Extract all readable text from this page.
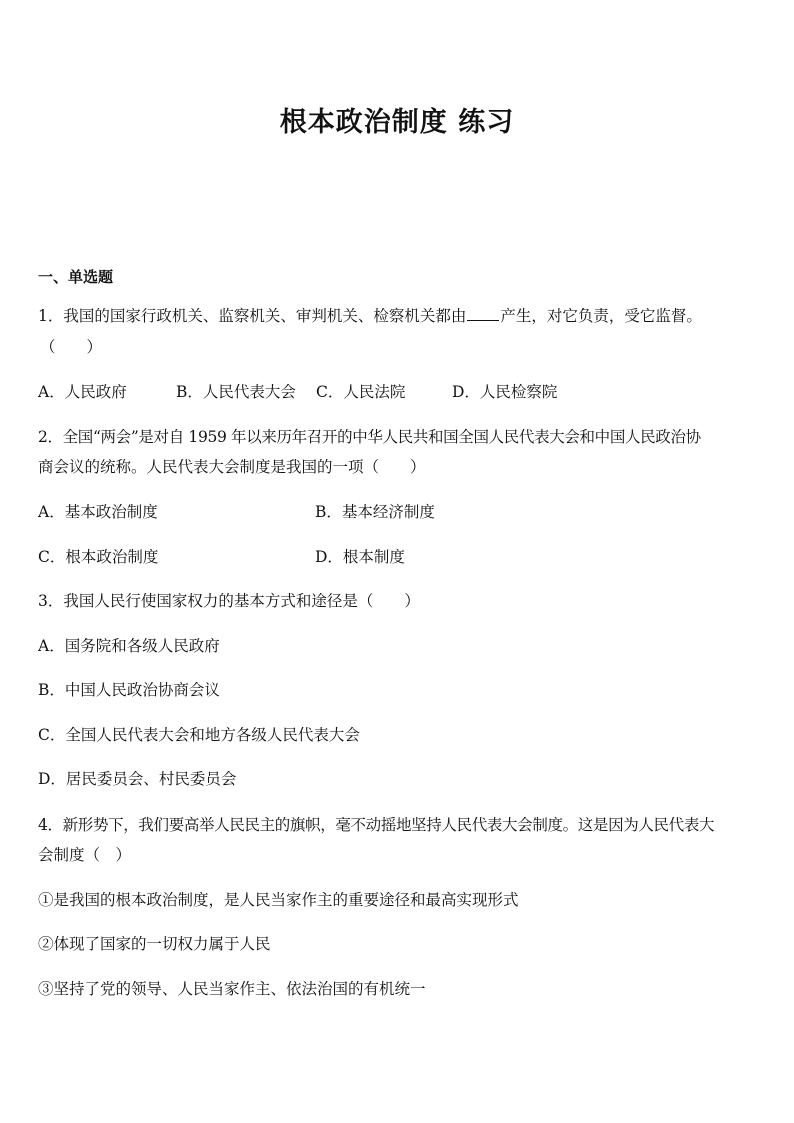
根本政治制度 练习
一、单选题
1．我国的国家行政机关、监察机关、审判机关、检察机关都由 产生，对它负责，受它监督。
（　　）
A．人民政府	B．人民代表大会 C．人民法院	D．人民检察院
2．全国“两会”是对自 1959 年以来历年召开的中华人民共和国全国人民代表大会和中国人民政治协
商会议的统称。人民代表大会制度是我国的一项（　　）
A．基本政治制度	B．基本经济制度
C．根本政治制度	D．根本制度
3．我国人民行使国家权力的基本方式和途径是（　　）
A．国务院和各级人民政府
B．中国人民政治协商会议
C．全国人民代表大会和地方各级人民代表大会
D．居民委员会、村民委员会
4．新形势下，我们要高举人民民主的旗帜，毫不动摇地坚持人民代表大会制度。这是因为人民代表大
会制度（　）
①是我国的根本政治制度，是人民当家作主的重要途径和最高实现形式
②体现了国家的一切权力属于人民
③坚持了党的领导、人民当家作主、依法治国的有机统一
